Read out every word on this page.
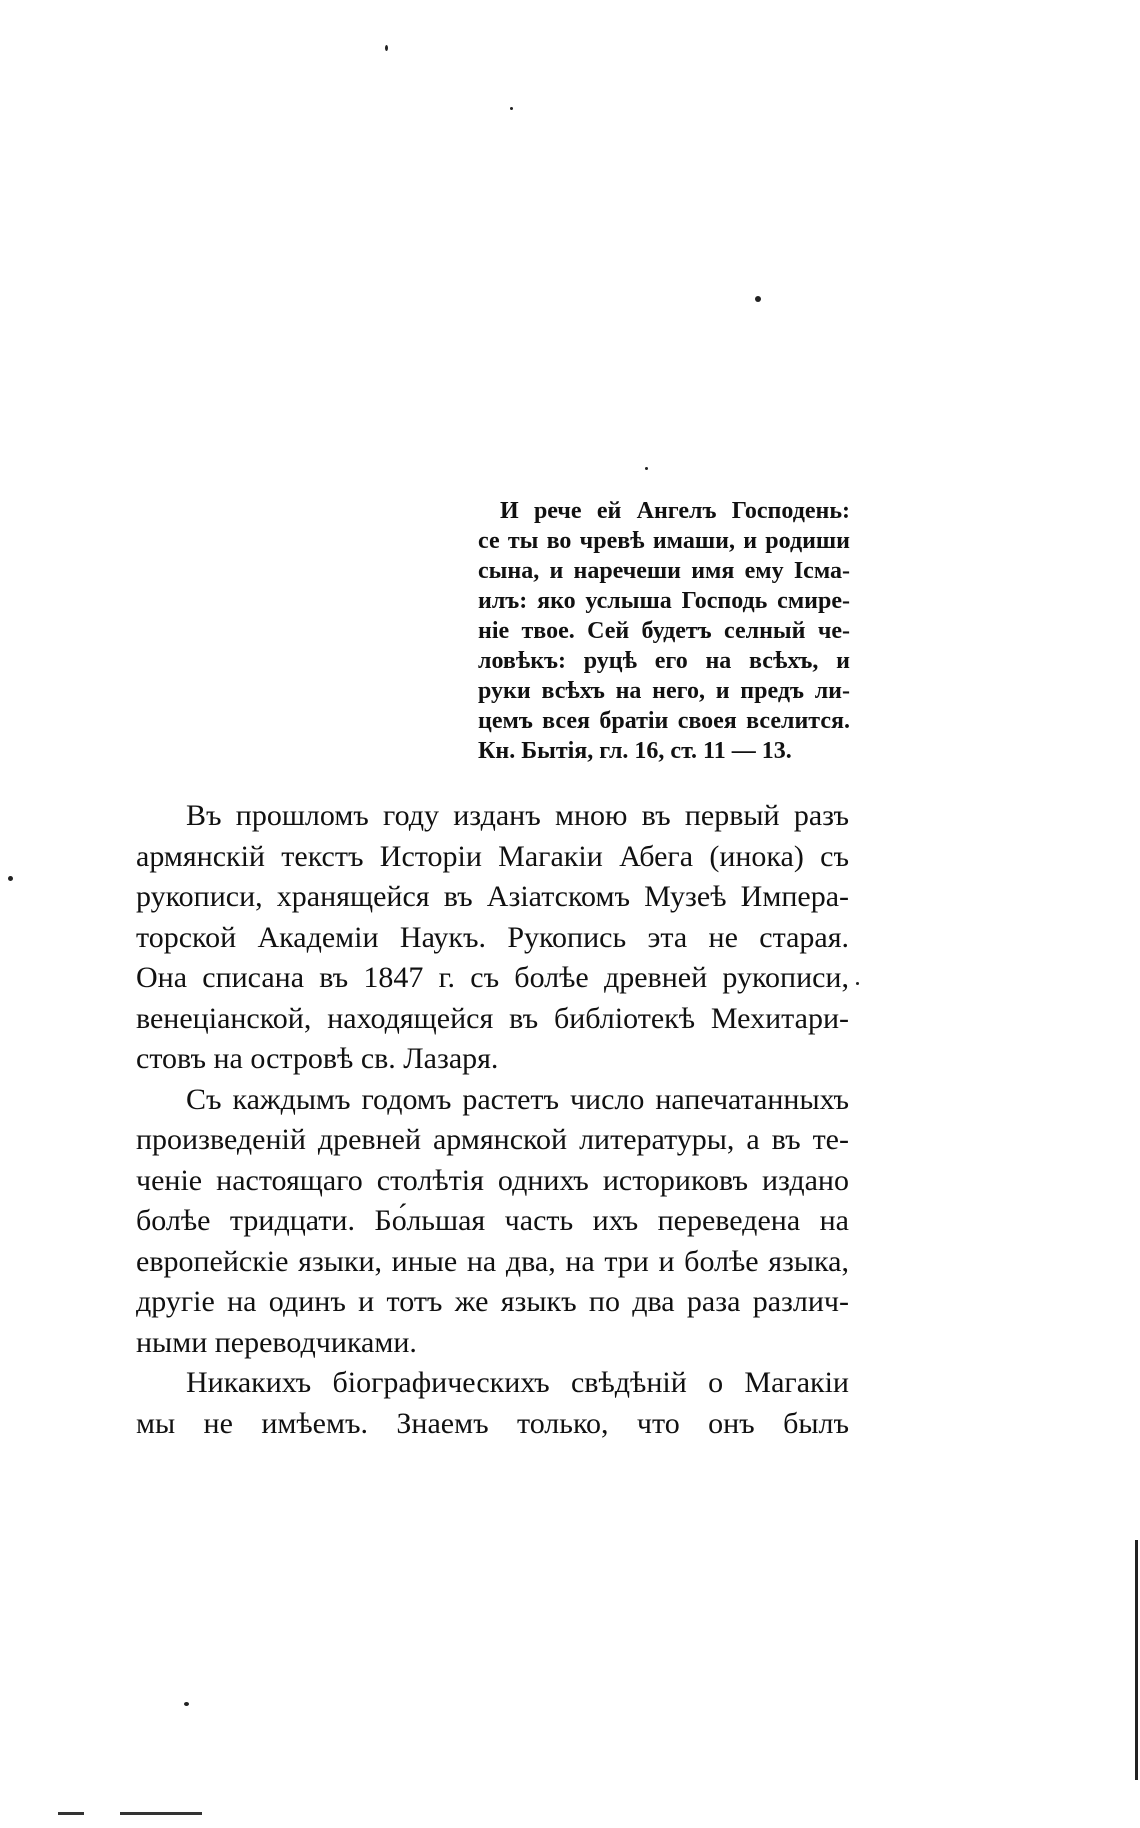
И рече ей Ангелъ Господень:
се ты во чревѣ имаши, и родиши
сына, и наречеши имя ему Ісма-
илъ: яко услыша Господь смире-
ніе твое. Сей будетъ селный че-
ловѣкъ: руцѣ его на всѣхъ, и
руки всѣхъ на него, и предъ ли-
цемъ всея братіи своея вселится.
Кн. Бытія, гл. 16, ст. 11 — 13.
Въ прошломъ году изданъ мною въ первый разъ
армянскій текстъ Исторіи Магакіи Абега (инока) съ
рукописи, хранящейся въ Азіатскомъ Музеѣ Импера-
торской Академіи Наукъ. Рукопись эта не старая.
Она списана въ 1847 г. съ болѣе древней рукописи,
венеціанской, находящейся въ библіотекѣ Мехитари-
стовъ на островѣ св. Лазаря.
Съ каждымъ годомъ растетъ число напечатанныхъ
произведеній древней армянской литературы, а въ те-
ченіе настоящаго столѣтія однихъ историковъ издано
болѣе тридцати. Бо́льшая часть ихъ переведена на
европейскіе языки, иные на два, на три и болѣе языка,
другіе на одинъ и тотъ же языкъ по два раза различ-
ными переводчиками.
Никакихъ біографическихъ свѣдѣній о Магакіи
мы не имѣемъ. Знаемъ только, что онъ былъ
